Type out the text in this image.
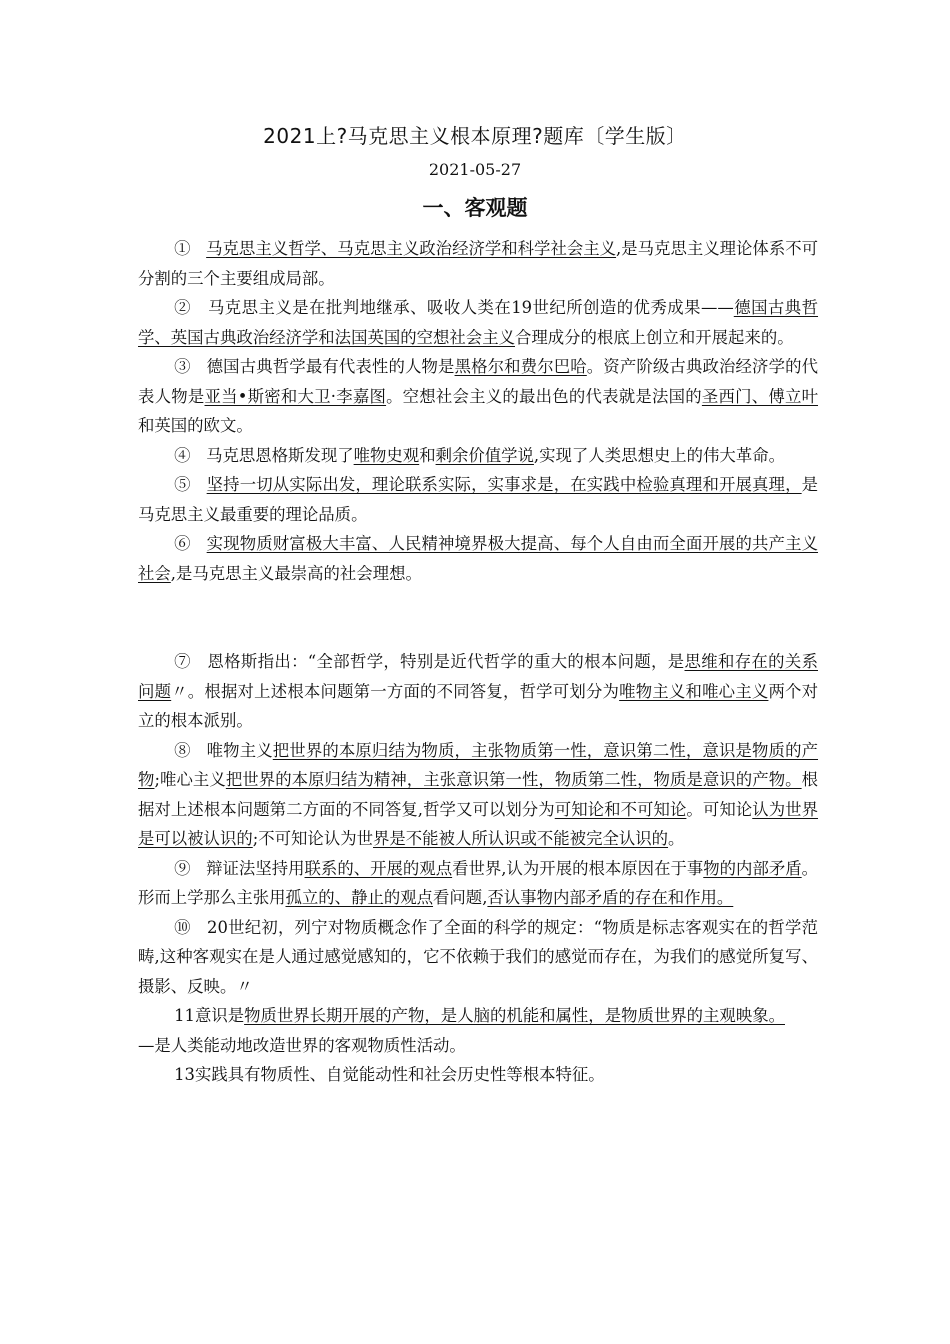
2021上?马克思主义根本原理?题库〔学生版〕
2021-05-27
一、客观题

① 马克思主义哲学、马克思主义政治经济学和科学社会主义,是马克思主义理论体系不可分割的三个主要组成局部。

② 马克思主义是在批判地继承、吸收人类在19世纪所创造的优秀成果——德国古典哲学、英国古典政治经济学和法国英国的空想社会主义合理成分的根底上创立和开展起来的。

③ 德国古典哲学最有代表性的人物是黑格尔和费尔巴哈。资产阶级古典政治经济学的代表人物是亚当•斯密和大卫·李嘉图。空想社会主义的最出色的代表就是法国的圣西门、傅立叶和英国的欧文。

④ 马克思恩格斯发现了唯物史观和剩余价值学说,实现了人类思想史上的伟大革命。

⑤ 坚持一切从实际出发，理论联系实际，实事求是，在实践中检验真理和开展真理，是马克思主义最重要的理论品质。

⑥ 实现物质财富极大丰富、人民精神境界极大提高、每个人自由而全面开展的共产主义社会,是马克思主义最崇高的社会理想。

⑦ 恩格斯指出：“全部哲学，特别是近代哲学的重大的根本问题，是思维和存在的关系问题〃。根据对上述根本问题第一方面的不同答复，哲学可划分为唯物主义和唯心主义两个对立的根本派别。

⑧ 唯物主义把世界的本原归结为物质，主张物质第一性，意识第二性，意识是物质的产物;唯心主义把世界的本原归结为精神，主张意识第一性，物质第二性，物质是意识的产物。根据对上述根本问题第二方面的不同答复,哲学又可以划分为可知论和不可知论。可知论认为世界是可以被认识的;不可知论认为世界是不能被人所认识或不能被完全认识的。

⑨ 辩证法坚持用联系的、开展的观点看世界,认为开展的根本原因在于事物的内部矛盾。形而上学那么主张用孤立的、静止的观点看问题,否认事物内部矛盾的存在和作用。

⑩ 20世纪初，列宁对物质概念作了全面的科学的规定：“物质是标志客观实在的哲学范畴,这种客观实在是人通过感觉感知的，它不依赖于我们的感觉而存在，为我们的感觉所复写、摄影、反映。〃

11意识是物质世界长期开展的产物，是人脑的机能和属性，是物质世界的主观映象。

—是人类能动地改造世界的客观物质性活动。

13实践具有物质性、自觉能动性和社会历史性等根本特征。
